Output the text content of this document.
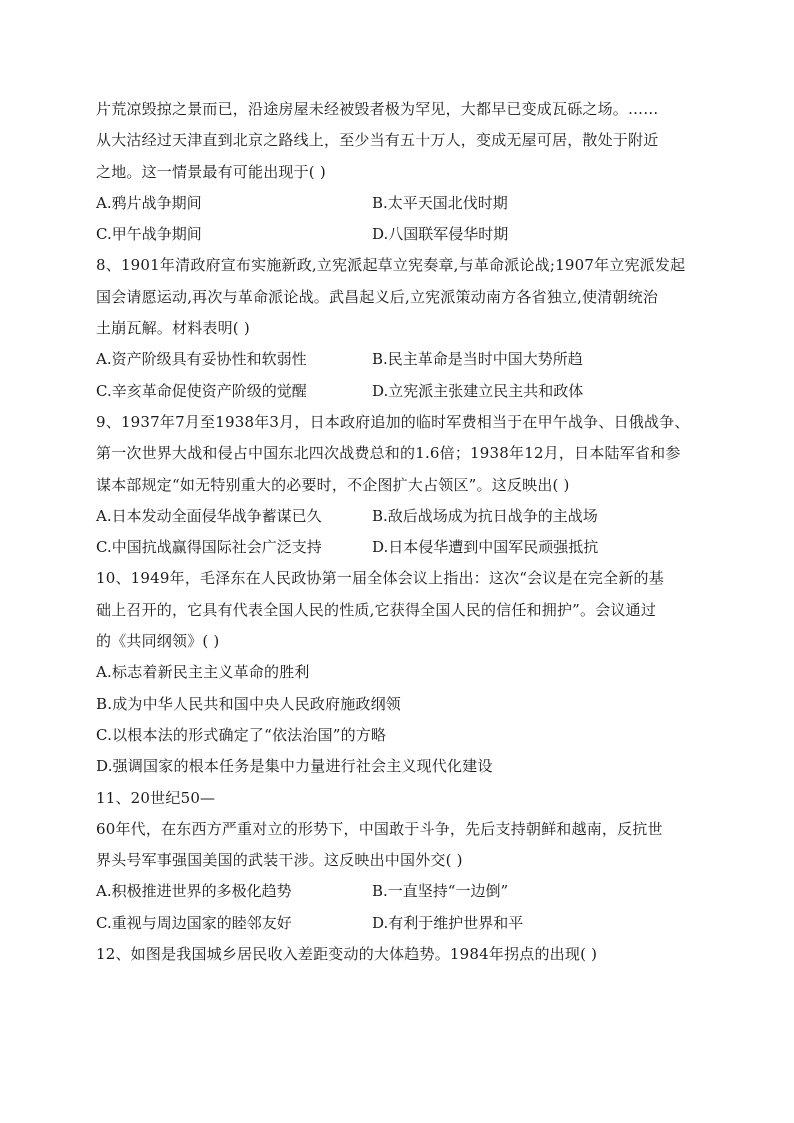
片荒凉毁掠之景而已，沿途房屋未经被毁者极为罕见，大都早已变成瓦砾之场。……
从大沽经过天津直到北京之路线上，至少当有五十万人，变成无屋可居，散处于附近
之地。这一情景最有可能出现于( )
A.鸦片战争期间	B.太平天国北伐时期
C.甲午战争期间	D.八国联军侵华时期
8、1901年清政府宣布实施新政,立宪派起草立宪奏章,与革命派论战;1907年立宪派发起
国会请愿运动,再次与革命派论战。武昌起义后,立宪派策动南方各省独立,使清朝统治
土崩瓦解。材料表明( )
A.资产阶级具有妥协性和软弱性	B.民主革命是当时中国大势所趋
C.辛亥革命促使资产阶级的觉醒	D.立宪派主张建立民主共和政体
9、1937年7月至1938年3月，日本政府追加的临时军费相当于在甲午战争、日俄战争、
第一次世界大战和侵占中国东北四次战费总和的1.6倍；1938年12月，日本陆军省和参
谋本部规定“如无特别重大的必要时，不企图扩大占领区”。这反映出( )
A.日本发动全面侵华战争蓄谋已久	B.敌后战场成为抗日战争的主战场
C.中国抗战赢得国际社会广泛支持	D.日本侵华遭到中国军民顽强抵抗
10、1949年，毛泽东在人民政协第一届全体会议上指出：这次“会议是在完全新的基
础上召开的，它具有代表全国人民的性质,它获得全国人民的信任和拥护”。会议通过
的《共同纲领》( )
A.标志着新民主主义革命的胜利
B.成为中华人民共和国中央人民政府施政纲领
C.以根本法的形式确定了“依法治国”的方略
D.强调国家的根本任务是集中力量进行社会主义现代化建设
11、20世纪50—
60年代，在东西方严重对立的形势下，中国敢于斗争，先后支持朝鲜和越南，反抗世
界头号军事强国美国的武装干涉。这反映出中国外交( )
A.积极推进世界的多极化趋势	B.一直坚持“一边倒”
C.重视与周边国家的睦邻友好	D.有利于维护世界和平
12、如图是我国城乡居民收入差距变动的大体趋势。1984年拐点的出现( )
